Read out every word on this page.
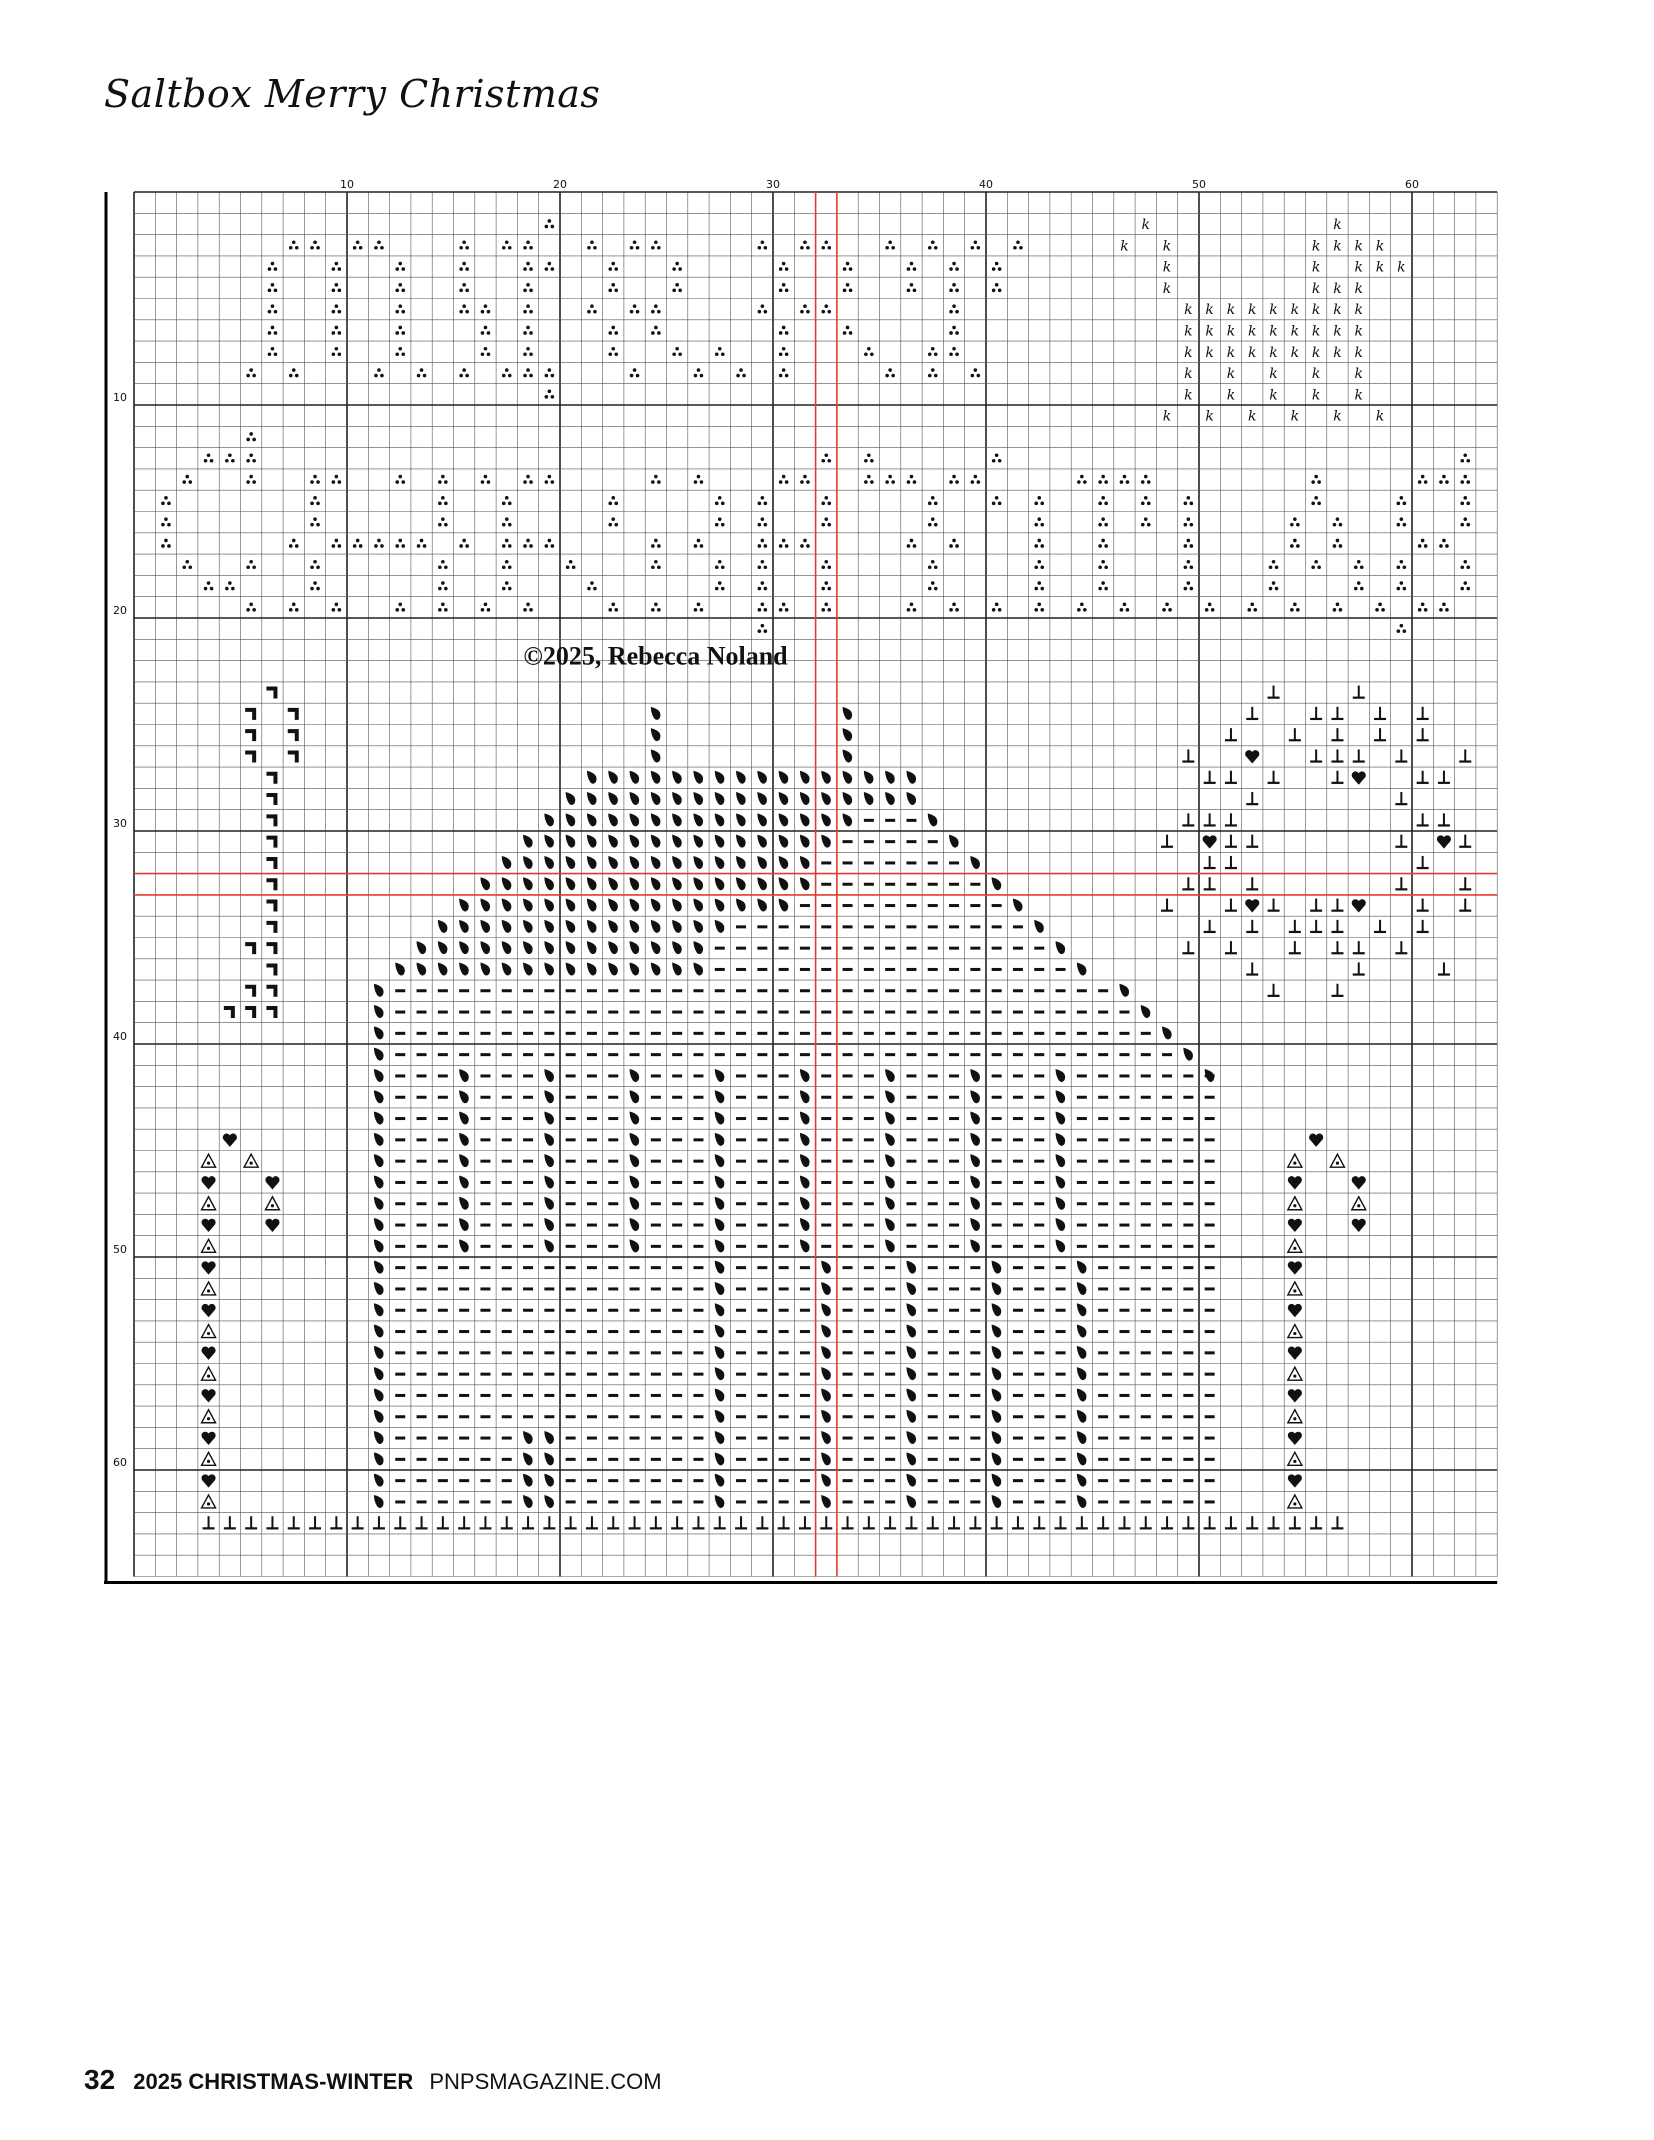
Saltbox Merry Christmas
10	20	30	40	50	60
10
20
30
40
50
60
k	k
k k	k k k k
k	k k k k
k	k k k
k k k k k k k k k
k k k k k k k k k
k k k k k k k k k
k k k k k
k k k k k
k k k k k k
©2025, Rebecca Noland
32 2025 CHRISTMAS-WINTER PNPSMAGAZINE.COM
